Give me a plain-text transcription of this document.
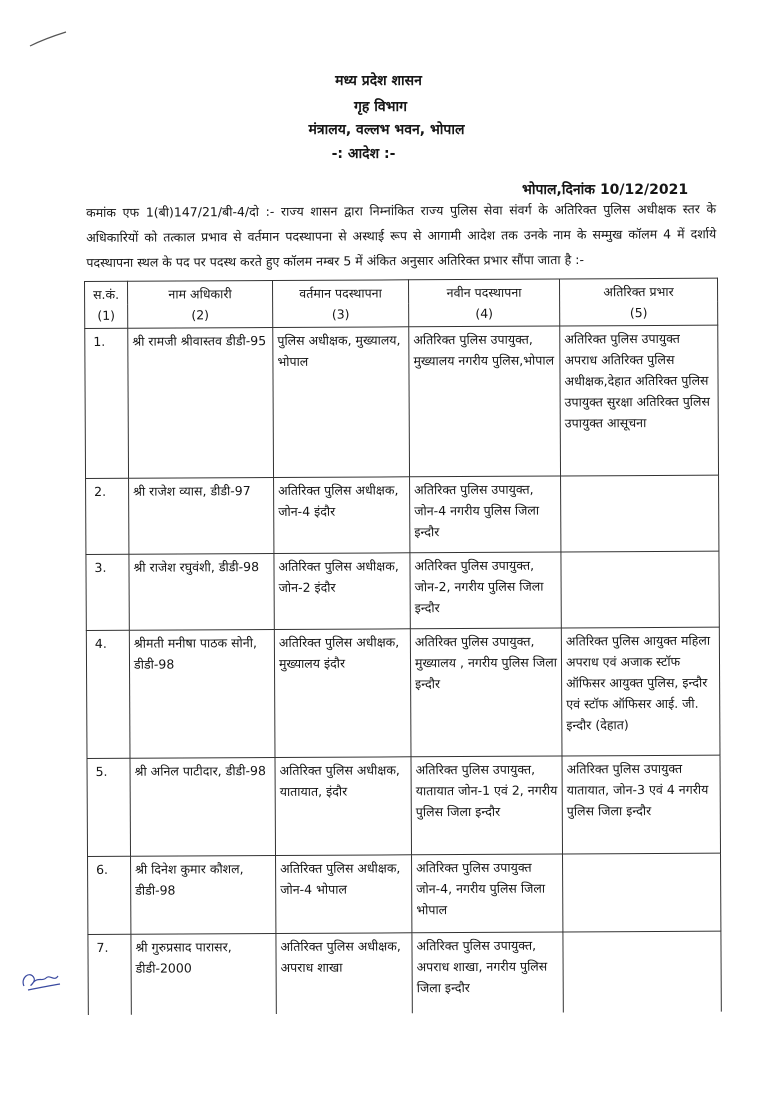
मध्य प्रदेश शासन
गृह विभाग
मंत्रालय, वल्लभ भवन, भोपाल
-: आदेश :-
भोपाल,दिनांक 10/12/2021
कमांक एफ 1(बी)147/21/बी-4/दो :- राज्य शासन द्वारा निम्नांकित राज्य पुलिस सेवा संवर्ग के अतिरिक्त पुलिस अधीक्षक स्तर के अधिकारियों को तत्काल प्रभाव से वर्तमान पदस्थापना से अस्थाई रूप से आगामी आदेश तक उनके नाम के सम्मुख कॉलम 4 में दर्शाये पदस्थापना स्थल के पद पर पदस्थ करते हुए कॉलम नम्बर 5 में अंकित अनुसार अतिरिक्त प्रभार सौंपा जाता है :-
स.कं.	नाम अधिकारी	वर्तमान पदस्थापना	नवीन पदस्थापना	अतिरिक्त प्रभार
(1)	(2)	(3)	(4)	(5)
1.	श्री रामजी श्रीवास्तव डीडी-95	पुलिस अधीक्षक, मुख्यालय, भोपाल	अतिरिक्त पुलिस उपायुक्त, मुख्यालय नगरीय पुलिस,भोपाल	अतिरिक्त पुलिस उपायुक्त अपराध अतिरिक्त पुलिस अधीक्षक,देहात अतिरिक्त पुलिस उपायुक्त सुरक्षा अतिरिक्त पुलिस उपायुक्त आसूचना
2.	श्री राजेश व्यास, डीडी-97	अतिरिक्त पुलिस अधीक्षक, जोन-4 इंदौर	अतिरिक्त पुलिस उपायुक्त, जोन-4 नगरीय पुलिस जिला इन्दौर	
3.	श्री राजेश रघुवंशी, डीडी-98	अतिरिक्त पुलिस अधीक्षक, जोन-2 इंदौर	अतिरिक्त पुलिस उपायुक्त, जोन-2, नगरीय पुलिस जिला इन्दौर	
4.	श्रीमती मनीषा पाठक सोनी, डीडी-98	अतिरिक्त पुलिस अधीक्षक, मुख्यालय इंदौर	अतिरिक्त पुलिस उपायुक्त, मुख्यालय , नगरीय पुलिस जिला इन्दौर	अतिरिक्त पुलिस आयुक्त महिला अपराध एवं अजाक स्टॉफ ऑफिसर आयुक्त पुलिस, इन्दौर एवं स्टॉफ ऑफिसर आई. जी. इन्दौर (देहात)
5.	श्री अनिल पाटीदार, डीडी-98	अतिरिक्त पुलिस अधीक्षक, यातायात, इंदौर	अतिरिक्त पुलिस उपायुक्त, यातायात जोन-1 एवं 2, नगरीय पुलिस जिला इन्दौर	अतिरिक्त पुलिस उपायुक्त यातायात, जोन-3 एवं 4 नगरीय पुलिस जिला इन्दौर
6.	श्री दिनेश कुमार कौशल, डीडी-98	अतिरिक्त पुलिस अधीक्षक, जोन-4 भोपाल	अतिरिक्त पुलिस उपायुक्त जोन-4, नगरीय पुलिस जिला भोपाल	
7.	श्री गुरुप्रसाद पारासर, डीडी-2000	अतिरिक्त पुलिस अधीक्षक, अपराध शाखा	अतिरिक्त पुलिस उपायुक्त, अपराध शाखा, नगरीय पुलिस जिला इन्दौर	
